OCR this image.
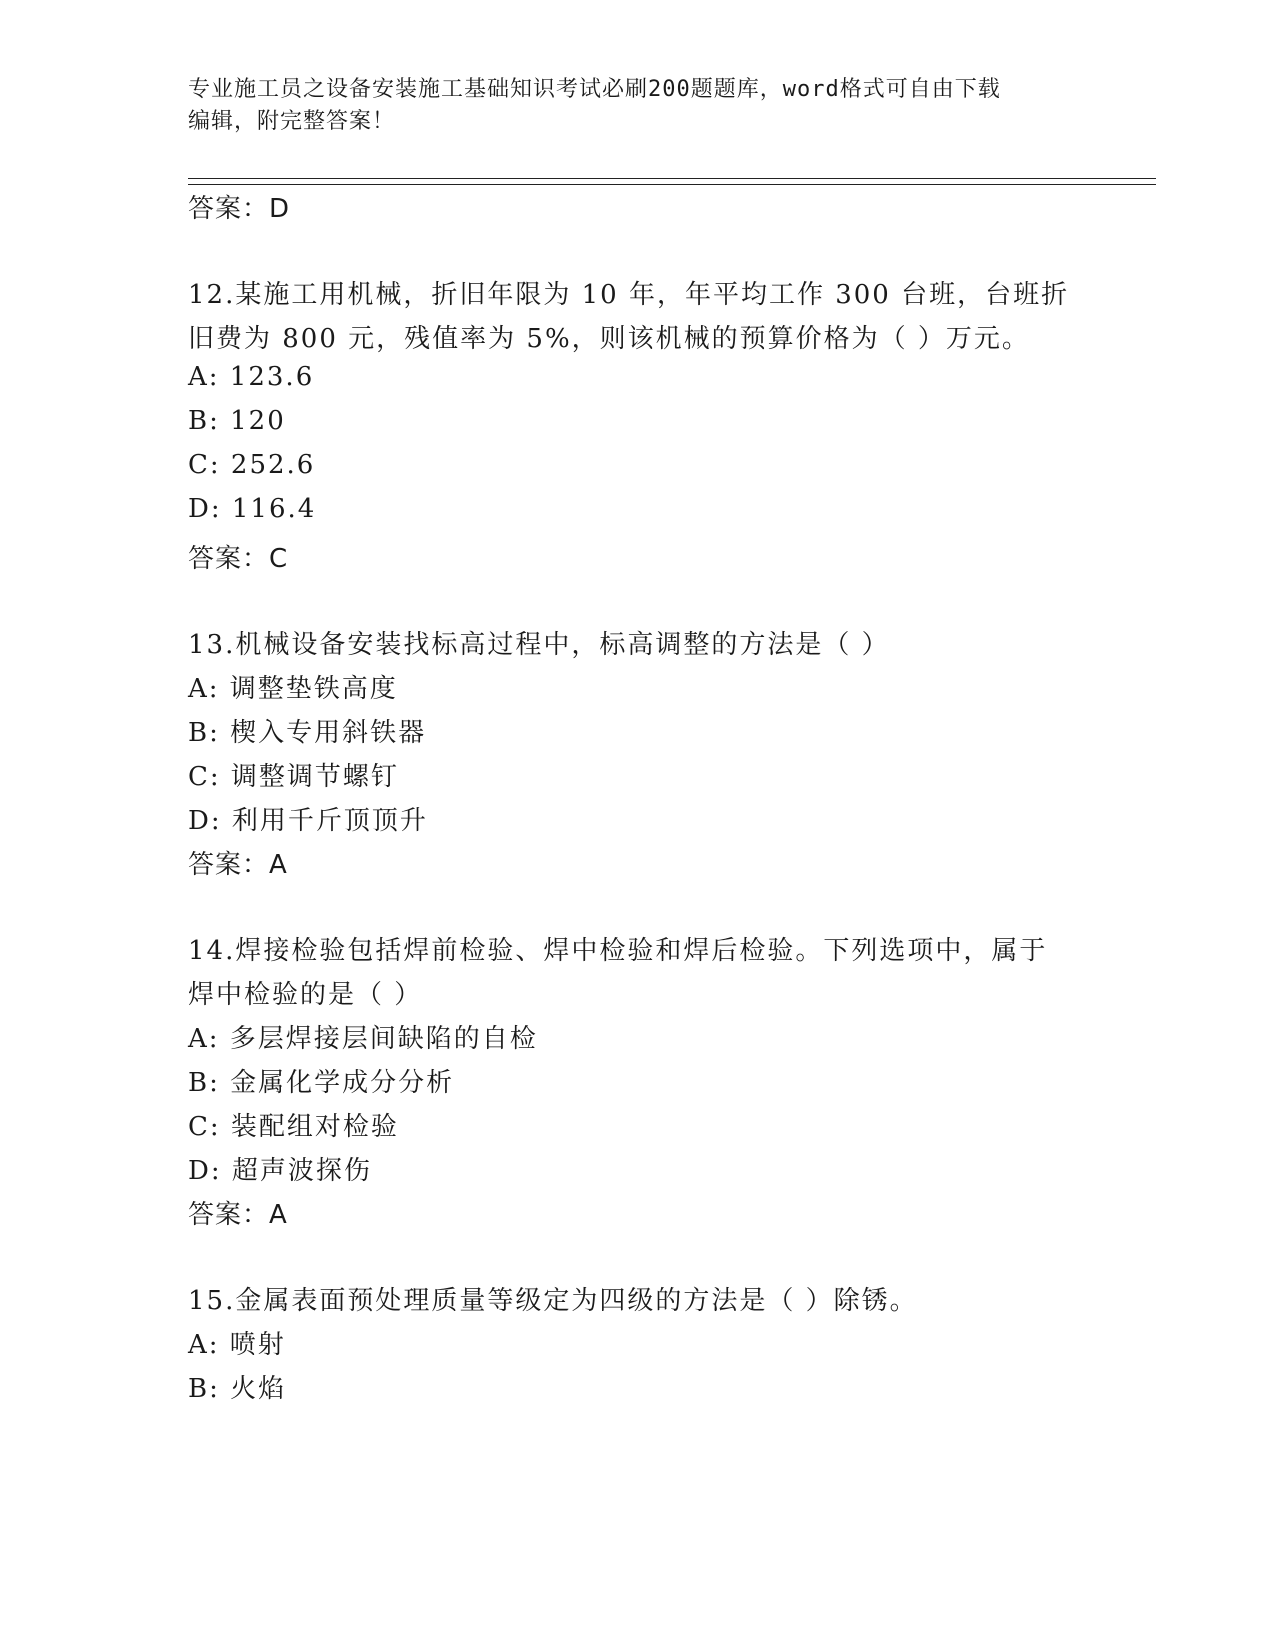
专业施工员之设备安装施工基础知识考试必刷200题题库，word格式可自由下载
编辑，附完整答案！
答案：D
12.某施工用机械，折旧年限为 10 年，年平均工作 300 台班，台班折
旧费为 800 元，残值率为 5%，则该机械的预算价格为（ ）万元。
A: 123.6
B: 120
C: 252.6
D: 116.4
答案：C
13.机械设备安装找标高过程中，标高调整的方法是（ ）
A: 调整垫铁高度
B: 楔入专用斜铁器
C: 调整调节螺钉
D: 利用千斤顶顶升
答案：A
14.焊接检验包括焊前检验、焊中检验和焊后检验。下列选项中，属于
焊中检验的是（ ）
A: 多层焊接层间缺陷的自检
B: 金属化学成分分析
C: 装配组对检验
D: 超声波探伤
答案：A
15.金属表面预处理质量等级定为四级的方法是（ ）除锈。
A: 喷射
B: 火焰
